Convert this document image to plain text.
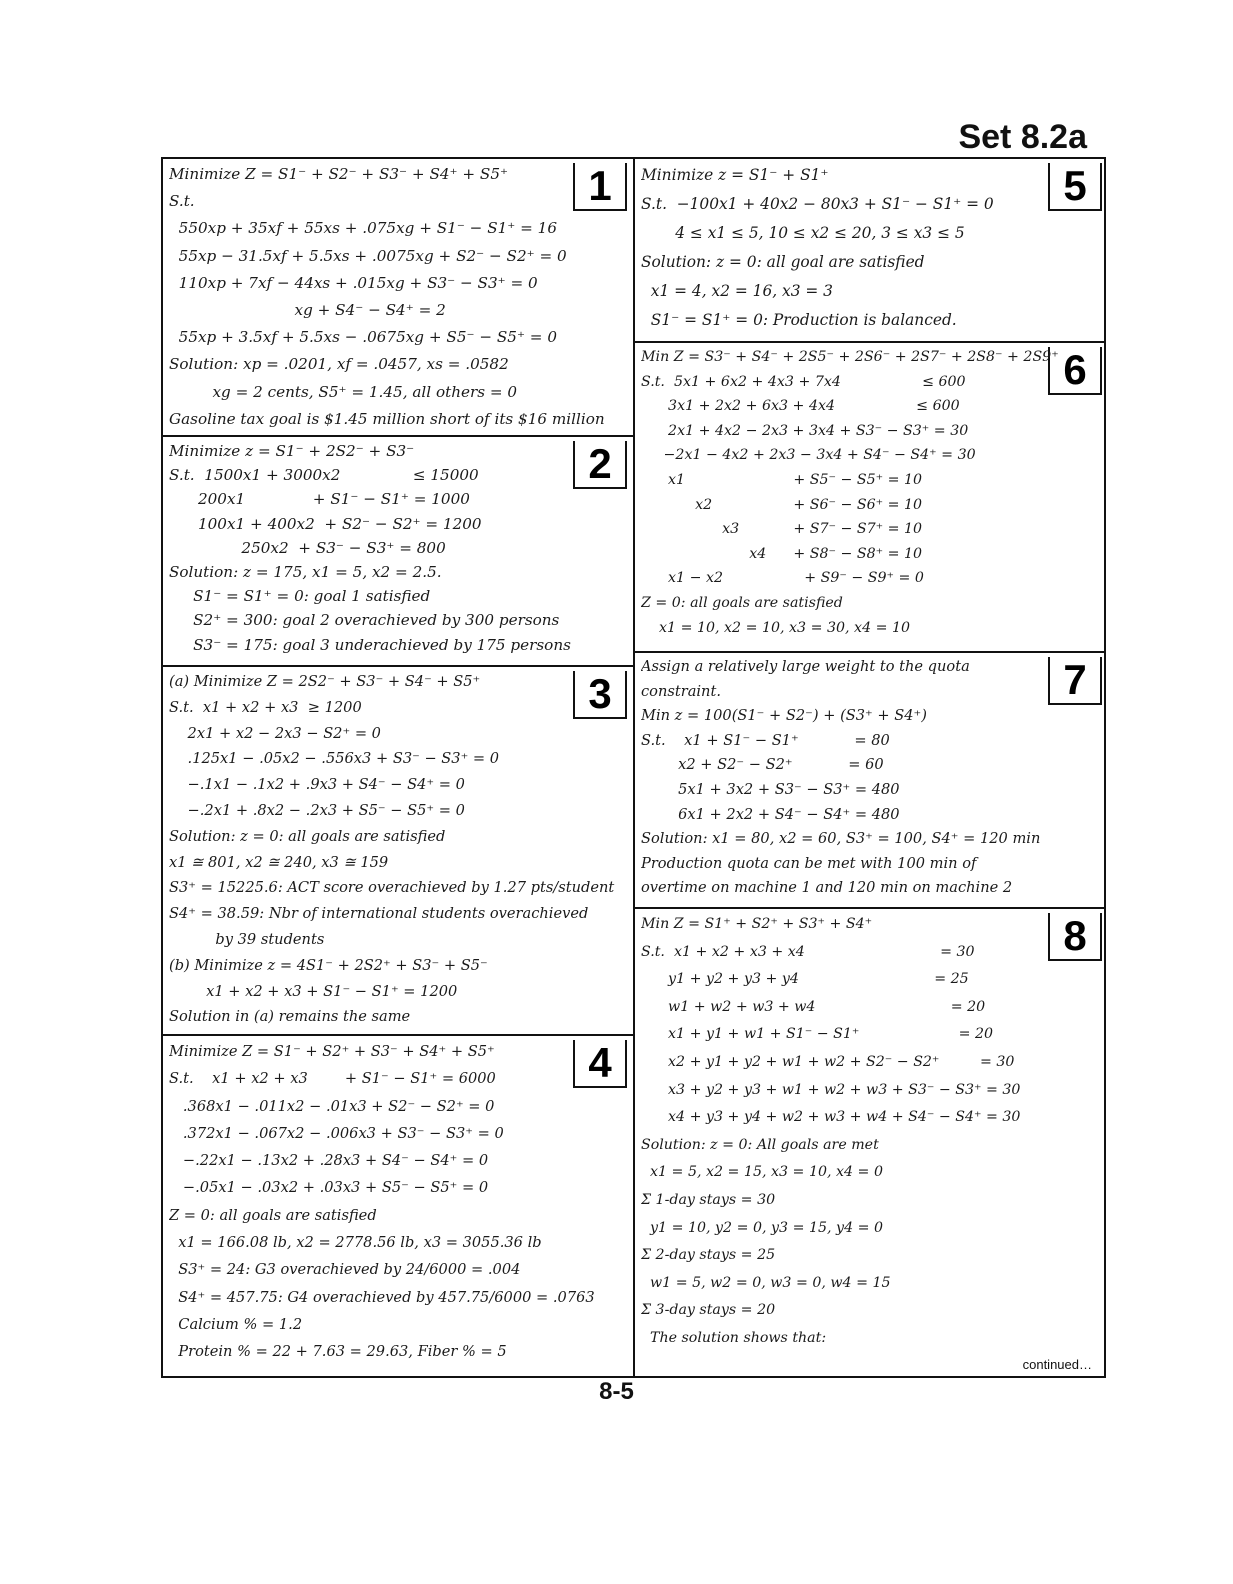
Set 8.2a
1
Minimize Z = S1⁻ + S2⁻ + S3⁻ + S4⁺ + S5⁺
S.t.
550xp + 35xf + 55xs + .075xg + S1⁻ − S1⁺ = 16
55xp − 31.5xf + 5.5xs + .0075xg + S2⁻ − S2⁺ = 0
110xp + 7xf − 44xs + .015xg + S3⁻ − S3⁺ = 0
xg + S4⁻ − S4⁺ = 2
55xp + 3.5xf + 5.5xs − .0675xg + S5⁻ − S5⁺ = 0
Solution: xp = .0201, xf = .0457, xs = .0582
xg = 2 cents, S5⁺ = 1.45, all others = 0
Gasoline tax goal is $1.45 million short of its $16 million
2
Minimize z = S1⁻ + 2S2⁻ + S3⁻
S.t.  1500x1 + 3000x2               ≤ 15000
200x1              + S1⁻ − S1⁺ = 1000
100x1 + 400x2  + S2⁻ − S2⁺ = 1200
250x2  + S3⁻ − S3⁺ = 800
Solution: z = 175, x1 = 5, x2 = 2.5.
S1⁻ = S1⁺ = 0: goal 1 satisfied
S2⁺ = 300: goal 2 overachieved by 300 persons
S3⁻ = 175: goal 3 underachieved by 175 persons
3
(a) Minimize Z = 2S2⁻ + S3⁻ + S4⁻ + S5⁺
S.t.  x1 + x2 + x3  ≥ 1200
2x1 + x2 − 2x3 − S2⁺ = 0
.125x1 − .05x2 − .556x3 + S3⁻ − S3⁺ = 0
−.1x1 − .1x2 + .9x3 + S4⁻ − S4⁺ = 0
−.2x1 + .8x2 − .2x3 + S5⁻ − S5⁺ = 0
Solution: z = 0: all goals are satisfied
x1 ≅ 801, x2 ≅ 240, x3 ≅ 159
S3⁺ = 15225.6: ACT score overachieved by 1.27 pts/student
S4⁺ = 38.59: Nbr of international students overachieved
by 39 students
(b) Minimize z = 4S1⁻ + 2S2⁺ + S3⁻ + S5⁻
x1 + x2 + x3 + S1⁻ − S1⁺ = 1200
Solution in (a) remains the same
4
Minimize Z = S1⁻ + S2⁺ + S3⁻ + S4⁺ + S5⁺
S.t.    x1 + x2 + x3        + S1⁻ − S1⁺ = 6000
.368x1 − .011x2 − .01x3 + S2⁻ − S2⁺ = 0
.372x1 − .067x2 − .006x3 + S3⁻ − S3⁺ = 0
−.22x1 − .13x2 + .28x3 + S4⁻ − S4⁺ = 0
−.05x1 − .03x2 + .03x3 + S5⁻ − S5⁺ = 0
Z = 0: all goals are satisfied
x1 = 166.08 lb, x2 = 2778.56 lb, x3 = 3055.36 lb
S3⁺ = 24: G3 overachieved by 24/6000 = .004
S4⁺ = 457.75: G4 overachieved by 457.75/6000 = .0763
Calcium % = 1.2
Protein % = 22 + 7.63 = 29.63, Fiber % = 5
5
Minimize z = S1⁻ + S1⁺
S.t.  −100x1 + 40x2 − 80x3 + S1⁻ − S1⁺ = 0
4 ≤ x1 ≤ 5, 10 ≤ x2 ≤ 20, 3 ≤ x3 ≤ 5
Solution: z = 0: all goal are satisfied
x1 = 4, x2 = 16, x3 = 3
S1⁻ = S1⁺ = 0: Production is balanced.
6
Min Z = S3⁻ + S4⁻ + 2S5⁻ + 2S6⁻ + 2S7⁻ + 2S8⁻ + 2S9⁺
S.t.  5x1 + 6x2 + 4x3 + 7x4                  ≤ 600
3x1 + 2x2 + 6x3 + 4x4                  ≤ 600
2x1 + 4x2 − 2x3 + 3x4 + S3⁻ − S3⁺ = 30
−2x1 − 4x2 + 2x3 − 3x4 + S4⁻ − S4⁺ = 30
x1                        + S5⁻ − S5⁺ = 10
x2                  + S6⁻ − S6⁺ = 10
x3            + S7⁻ − S7⁺ = 10
x4      + S8⁻ − S8⁺ = 10
x1 − x2                  + S9⁻ − S9⁺ = 0
Z = 0: all goals are satisfied
x1 = 10, x2 = 10, x3 = 30, x4 = 10
7
Assign a relatively large weight to the quota
constraint.
Min z = 100(S1⁻ + S2⁻) + (S3⁺ + S4⁺)
S.t.    x1 + S1⁻ − S1⁺            = 80
x2 + S2⁻ − S2⁺            = 60
5x1 + 3x2 + S3⁻ − S3⁺ = 480
6x1 + 2x2 + S4⁻ − S4⁺ = 480
Solution: x1 = 80, x2 = 60, S3⁺ = 100, S4⁺ = 120 min
Production quota can be met with 100 min of
overtime on machine 1 and 120 min on machine 2
8
Min Z = S1⁺ + S2⁺ + S3⁺ + S4⁺
S.t.  x1 + x2 + x3 + x4                              = 30
y1 + y2 + y3 + y4                              = 25
w1 + w2 + w3 + w4                              = 20
x1 + y1 + w1 + S1⁻ − S1⁺                      = 20
x2 + y1 + y2 + w1 + w2 + S2⁻ − S2⁺         = 30
x3 + y2 + y3 + w1 + w2 + w3 + S3⁻ − S3⁺ = 30
x4 + y3 + y4 + w2 + w3 + w4 + S4⁻ − S4⁺ = 30
Solution: z = 0: All goals are met
x1 = 5, x2 = 15, x3 = 10, x4 = 0
Σ 1-day stays = 30
y1 = 10, y2 = 0, y3 = 15, y4 = 0
Σ 2-day stays = 25
w1 = 5, w2 = 0, w3 = 0, w4 = 15
Σ 3-day stays = 20
The solution shows that:
continued…
8-5
